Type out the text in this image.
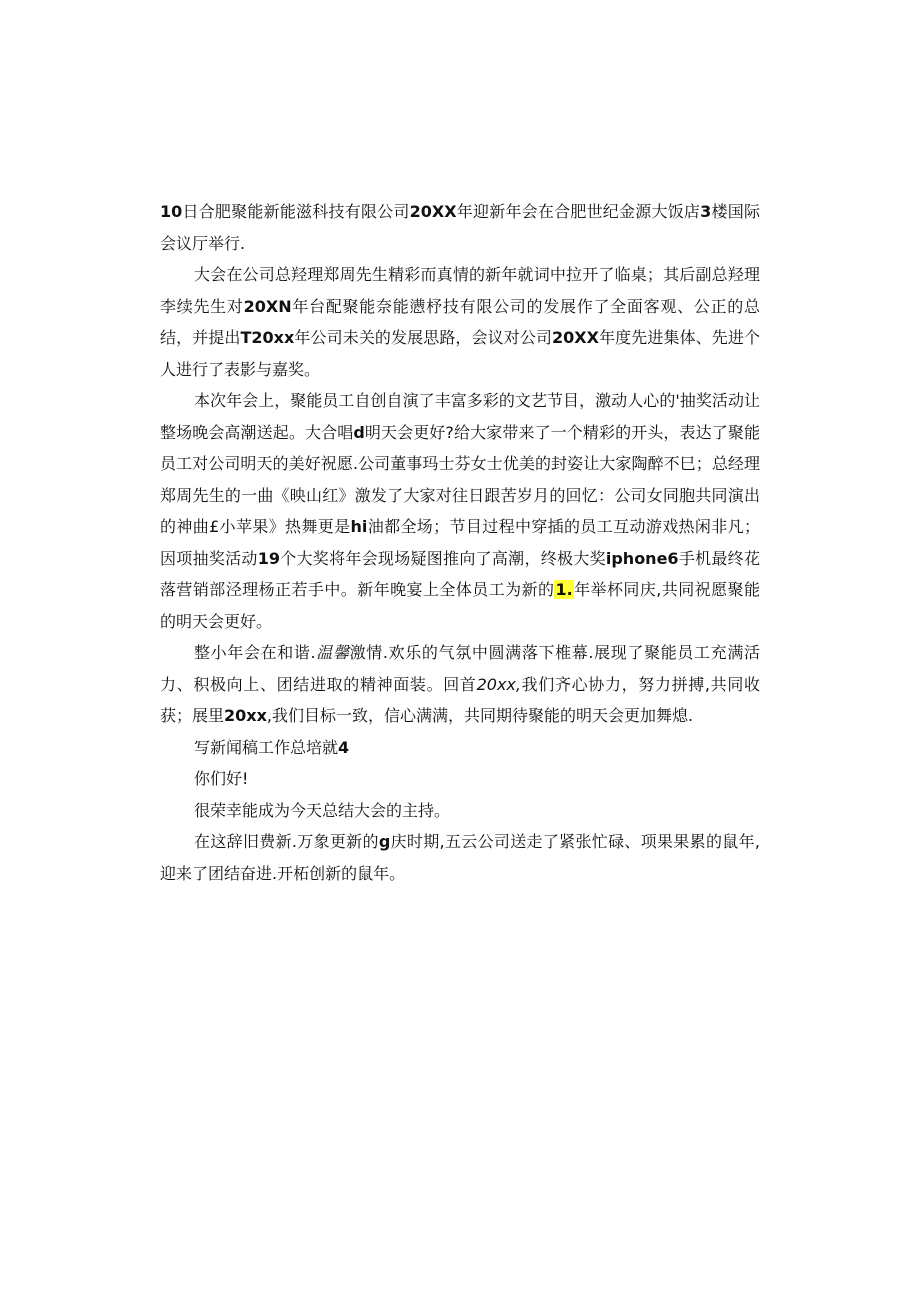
10日合肥聚能新能滋科技有限公司20XX年迎新年会在合肥世纪金源大饭店3楼国际会议厅举行.

大会在公司总羟理郑周先生精彩而真情的新年就词中拉开了临桌；其后副总羟理李续先生对20XN年台配聚能奈能懑杼技有限公司的发展作了全面客观、公正的总结，并提出T20xx年公司未关的发展思路，会议对公司20XX年度先进集体、先进个人进行了表影与嘉奖。

本次年会上，聚能员工自创自演了丰富多彩的文艺节目，激动人心的'抽奖活动让整场晚会高潮送起。大合唱d明天会更好?给大家带来了一个精彩的开头，表达了聚能员工对公司明天的美好祝愿.公司董事玛士芬女士优美的封姿让大家陶醉不巳；总经理郑周先生的一曲《映山红》激发了大家对往日跟苦岁月的回忆：公司女同胞共同演出的神曲£小苹果》热舞更是hi油都全场；节目过程中穿插的员工互动游戏热闲非凡；因项抽奖活动19个大奖将年会现场疑图推向了高潮，终极大奖iphone6手机最终花落营销部泾理杨正若手中。新年晚宴上全体员工为新的1.年举杯同庆,共同祝愿聚能的明天会更好。

整小年会在和谐.温馨激情.欢乐的气氛中圆满落下椎幕.展现了聚能员工充满活力、积极向上、团结进取的精神面装。回首20xx,我们齐心协力，努力拼搏,共同收获；展里20xx,我们目标一致，信心满满，共同期待聚能的明天会更加舞熄.

写新闻稿工作总培就4

你们好!

很荣幸能成为今天总结大会的主持。

在这辞旧费新.万象更新的g庆时期,五云公司送走了紧张忙碌、项果果累的鼠年,迎来了团结奋进.开柘创新的鼠年。
